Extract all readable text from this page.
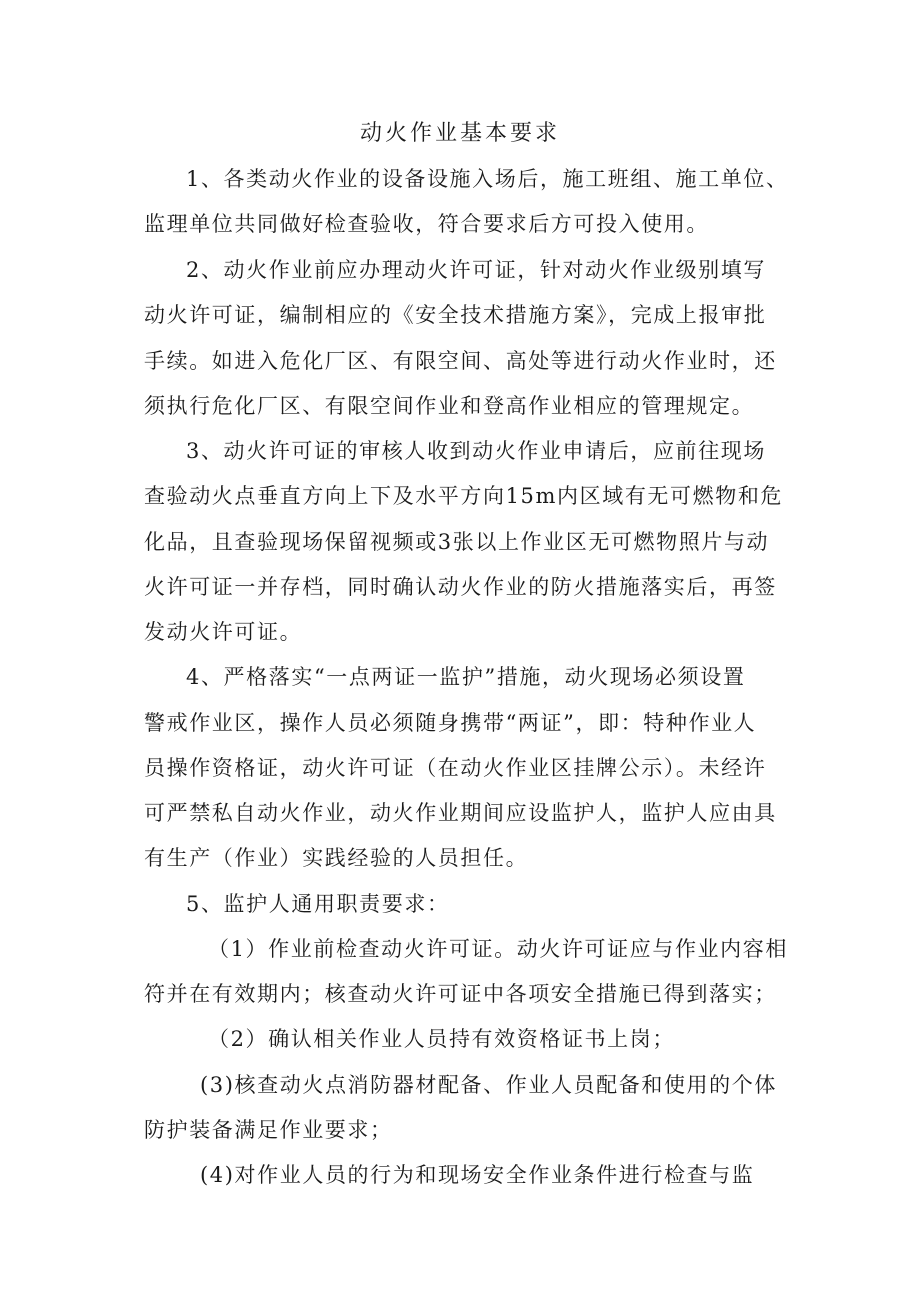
动火作业基本要求
1、各类动火作业的设备设施入场后，施工班组、施工单位、
监理单位共同做好检查验收，符合要求后方可投入使用。
2、动火作业前应办理动火许可证，针对动火作业级别填写
动火许可证，编制相应的《安全技术措施方案》，完成上报审批
手续。如进入危化厂区、有限空间、高处等进行动火作业时，还
须执行危化厂区、有限空间作业和登高作业相应的管理规定。
3、动火许可证的审核人收到动火作业申请后，应前往现场
查验动火点垂直方向上下及水平方向15m内区域有无可燃物和危
化品，且查验现场保留视频或3张以上作业区无可燃物照片与动
火许可证一并存档，同时确认动火作业的防火措施落实后，再签
发动火许可证。
4、严格落实“一点两证一监护”措施，动火现场必须设置
警戒作业区，操作人员必须随身携带“两证”，即：特种作业人
员操作资格证，动火许可证（在动火作业区挂牌公示）。未经许
可严禁私自动火作业，动火作业期间应设监护人，监护人应由具
有生产（作业）实践经验的人员担任。
5、监护人通用职责要求：
（1）作业前检查动火许可证。动火许可证应与作业内容相
符并在有效期内；核查动火许可证中各项安全措施已得到落实；
（2）确认相关作业人员持有效资格证书上岗；
(3)核查动火点消防器材配备、作业人员配备和使用的个体
防护装备满足作业要求；
(4)对作业人员的行为和现场安全作业条件进行检查与监
